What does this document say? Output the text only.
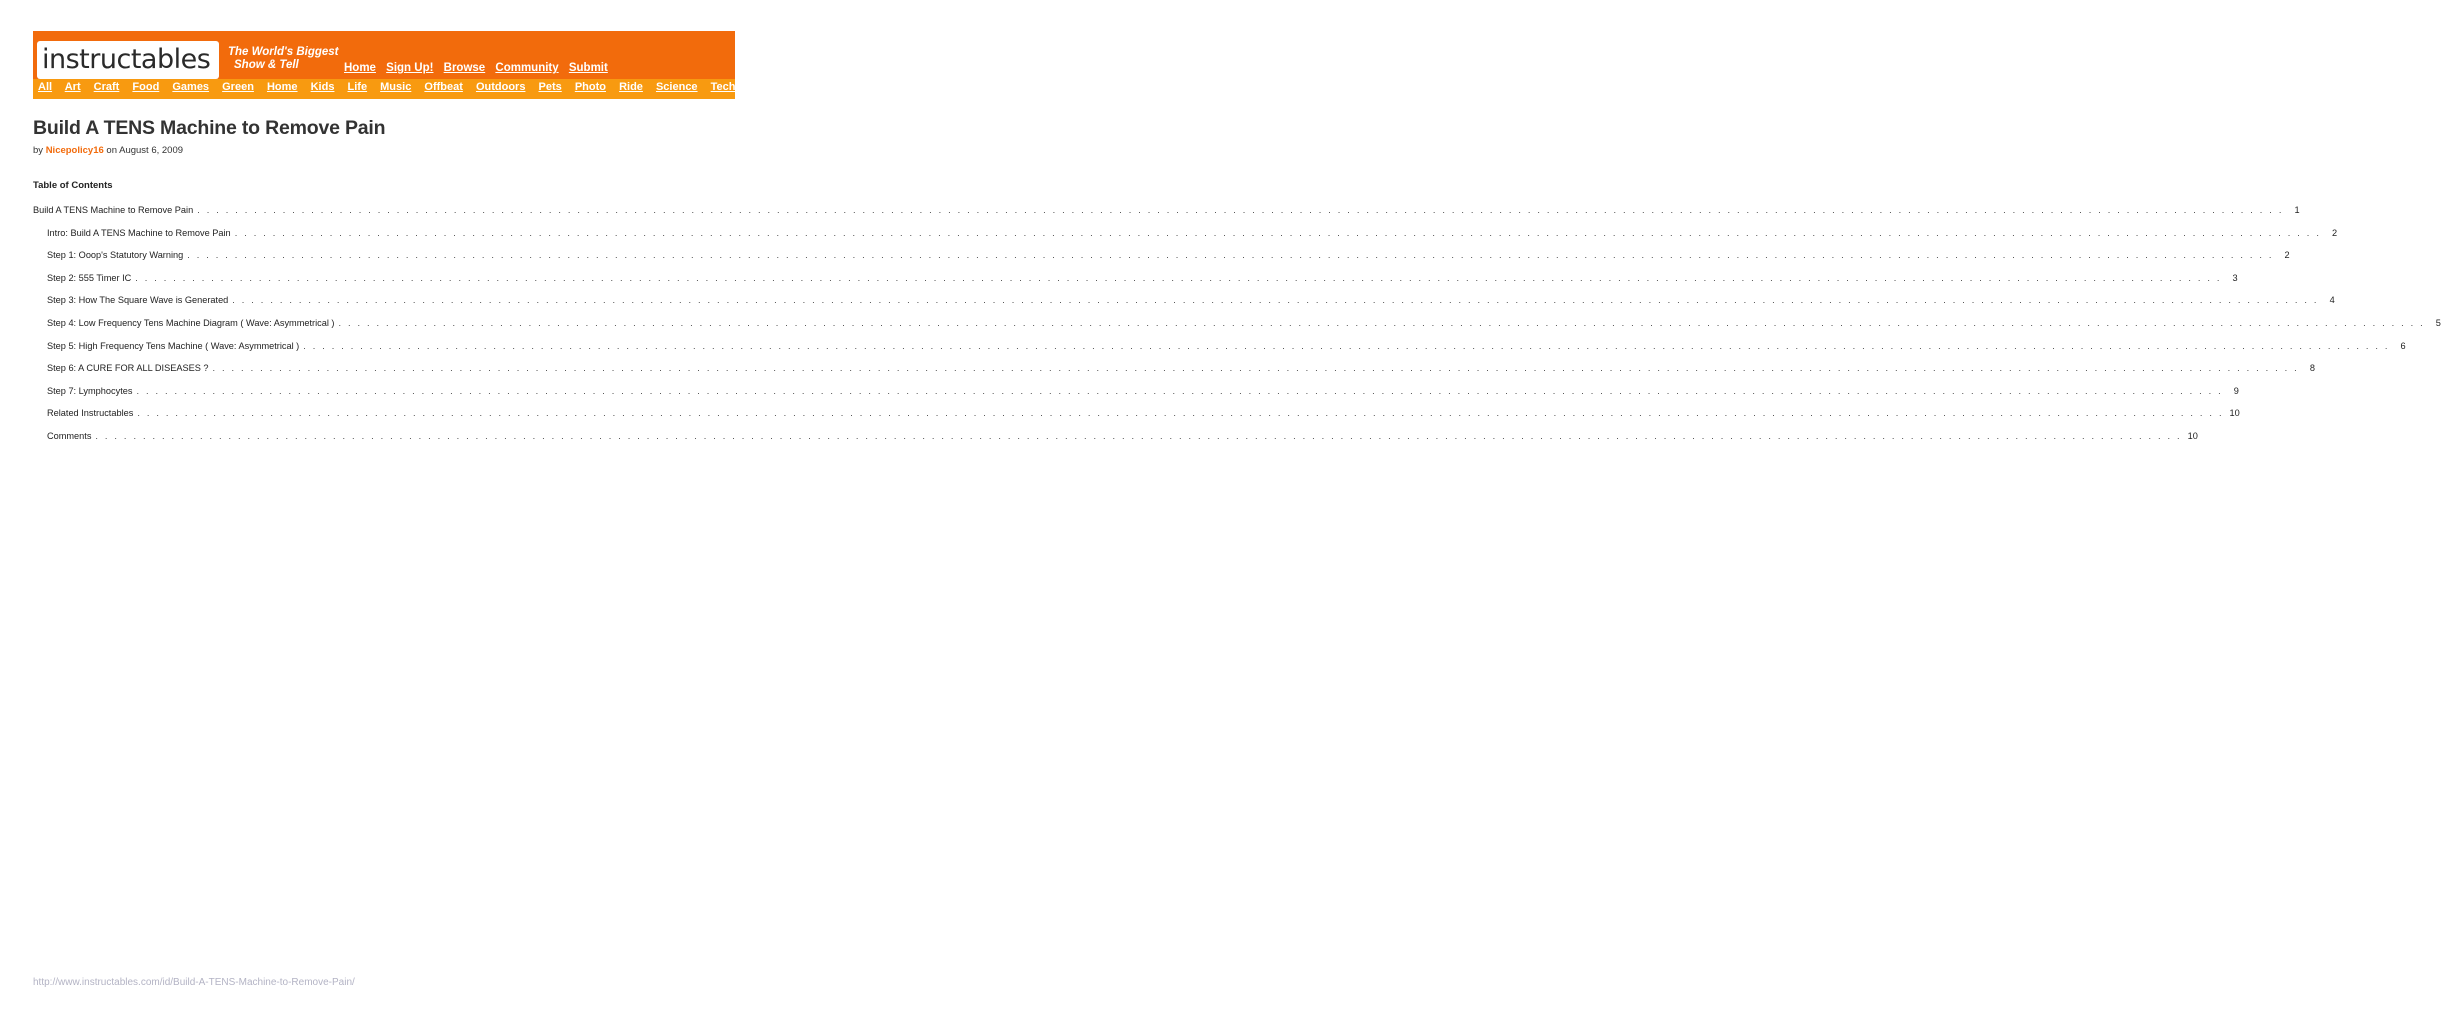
instructables	The World's Biggest
Show & Tell	Home Sign Up! Browse Community Submit
All Art Craft Food Games Green Home Kids Life Music Offbeat Outdoors Pets Photo Ride Science Tech
Build A TENS Machine to Remove Pain
by Nicepolicy16 on August 6, 2009
Table of Contents
Build A TENS Machine to Remove Pain . . . . . . . . . . . . . . . . . . . . . . . . . . . . . . . . . . . . . . . . . . . . . . . . . . . . . . . . . . . . . . . . . . . . . . . . . . . . . . . . . . . . . . . . . . . . . . . . . . . . . . . . . . . . . . . . . . . . . . . . . . . . . . . . . . . . . . . . . . . . . . . . . . . . . . . . . . . . . . . . . . . . . . . . . . . . . . . . . . . . . . . . . . . . . . . . . . . . . . . . . . . . . . . . . . . . . . . . . . . .	1
Intro: Build A TENS Machine to Remove Pain . . . . . . . . . . . . . . . . . . . . . . . . . . . . . . . . . . . . . . . . . . . . . . . . . . . . . . . . . . . . . . . . . . . . . . . . . . . . . . . . . . . . . . . . . . . . . . . . . . . . . . . . . . . . . . . . . . . . . . . . . . . . . . . . . . . . . . . . . . . . . . . . . . . . . . . . . . . . . . . . . . . . . . . . . . . . . . . . . . . . . . . . . . . . . . . . . . . . . . . . . . . . . . . . . . . . . . . . . . . .	2
Step 1: Ooop's Statutory Warning . . . . . . . . . . . . . . . . . . . . . . . . . . . . . . . . . . . . . . . . . . . . . . . . . . . . . . . . . . . . . . . . . . . . . . . . . . . . . . . . . . . . . . . . . . . . . . . . . . . . . . . . . . . . . . . . . . . . . . . . . . . . . . . . . . . . . . . . . . . . . . . . . . . . . . . . . . . . . . . . . . . . . . . . . . . . . . . . . . . . . . . . . . . . . . . . . . . . . . . . . . . . . . . . . . . . . . . . . . . .	2
Step 2: 555 Timer IC . . . . . . . . . . . . . . . . . . . . . . . . . . . . . . . . . . . . . . . . . . . . . . . . . . . . . . . . . . . . . . . . . . . . . . . . . . . . . . . . . . . . . . . . . . . . . . . . . . . . . . . . . . . . . . . . . . . . . . . . . . . . . . . . . . . . . . . . . . . . . . . . . . . . . . . . . . . . . . . . . . . . . . . . . . . . . . . . . . . . . . . . . . . . . . . . . . . . . . . . . . . . . . . . . . . . . . . . . . . .	3
Step 3: How The Square Wave is Generated . . . . . . . . . . . . . . . . . . . . . . . . . . . . . . . . . . . . . . . . . . . . . . . . . . . . . . . . . . . . . . . . . . . . . . . . . . . . . . . . . . . . . . . . . . . . . . . . . . . . . . . . . . . . . . . . . . . . . . . . . . . . . . . . . . . . . . . . . . . . . . . . . . . . . . . . . . . . . . . . . . . . . . . . . . . . . . . . . . . . . . . . . . . . . . . . . . . . . . . . . . . . . . . . . . . . . . . . . . . .	4
Step 4: Low Frequency Tens Machine Diagram ( Wave: Asymmetrical ) . . . . . . . . . . . . . . . . . . . . . . . . . . . . . . . . . . . . . . . . . . . . . . . . . . . . . . . . . . . . . . . . . . . . . . . . . . . . . . . . . . . . . . . . . . . . . . . . . . . . . . . . . . . . . . . . . . . . . . . . . . . . . . . . . . . . . . . . . . . . . . . . . . . . . . . . . . . . . . . . . . . . . . . . . . . . . . . . . . . . . . . . . . . . . . . . . . . . . . . . . . . . . . . . . . . . . . . . . . . .	5
Step 5: High Frequency Tens Machine ( Wave: Asymmetrical ) . . . . . . . . . . . . . . . . . . . . . . . . . . . . . . . . . . . . . . . . . . . . . . . . . . . . . . . . . . . . . . . . . . . . . . . . . . . . . . . . . . . . . . . . . . . . . . . . . . . . . . . . . . . . . . . . . . . . . . . . . . . . . . . . . . . . . . . . . . . . . . . . . . . . . . . . . . . . . . . . . . . . . . . . . . . . . . . . . . . . . . . . . . . . . . . . . . . . . . . . . . . . . . . . . . . . . . . . . . . .	6
Step 6: A CURE FOR ALL DISEASES ? . . . . . . . . . . . . . . . . . . . . . . . . . . . . . . . . . . . . . . . . . . . . . . . . . . . . . . . . . . . . . . . . . . . . . . . . . . . . . . . . . . . . . . . . . . . . . . . . . . . . . . . . . . . . . . . . . . . . . . . . . . . . . . . . . . . . . . . . . . . . . . . . . . . . . . . . . . . . . . . . . . . . . . . . . . . . . . . . . . . . . . . . . . . . . . . . . . . . . . . . . . . . . . . . . . . . . . . . . . . .	8
Step 7: Lymphocytes . . . . . . . . . . . . . . . . . . . . . . . . . . . . . . . . . . . . . . . . . . . . . . . . . . . . . . . . . . . . . . . . . . . . . . . . . . . . . . . . . . . . . . . . . . . . . . . . . . . . . . . . . . . . . . . . . . . . . . . . . . . . . . . . . . . . . . . . . . . . . . . . . . . . . . . . . . . . . . . . . . . . . . . . . . . . . . . . . . . . . . . . . . . . . . . . . . . . . . . . . . . . . . . . . . . . . . . . . . . .	9
Related Instructables . . . . . . . . . . . . . . . . . . . . . . . . . . . . . . . . . . . . . . . . . . . . . . . . . . . . . . . . . . . . . . . . . . . . . . . . . . . . . . . . . . . . . . . . . . . . . . . . . . . . . . . . . . . . . . . . . . . . . . . . . . . . . . . . . . . . . . . . . . . . . . . . . . . . . . . . . . . . . . . . . . . . . . . . . . . . . . . . . . . . . . . . . . . . . . . . . . . . . . . . . . . . . . . . . . . . . . . . . . . . 10
Comments . . . . . . . . . . . . . . . . . . . . . . . . . . . . . . . . . . . . . . . . . . . . . . . . . . . . . . . . . . . . . . . . . . . . . . . . . . . . . . . . . . . . . . . . . . . . . . . . . . . . . . . . . . . . . . . . . . . . . . . . . . . . . . . . . . . . . . . . . . . . . . . . . . . . . . . . . . . . . . . . . . . . . . . . . . . . . . . . . . . . . . . . . . . . . . . . . . . . . . . . . . . . . . . . . . . . . . . . . . . . 10
http://www.instructables.com/id/Build-A-TENS-Machine-to-Remove-Pain/
